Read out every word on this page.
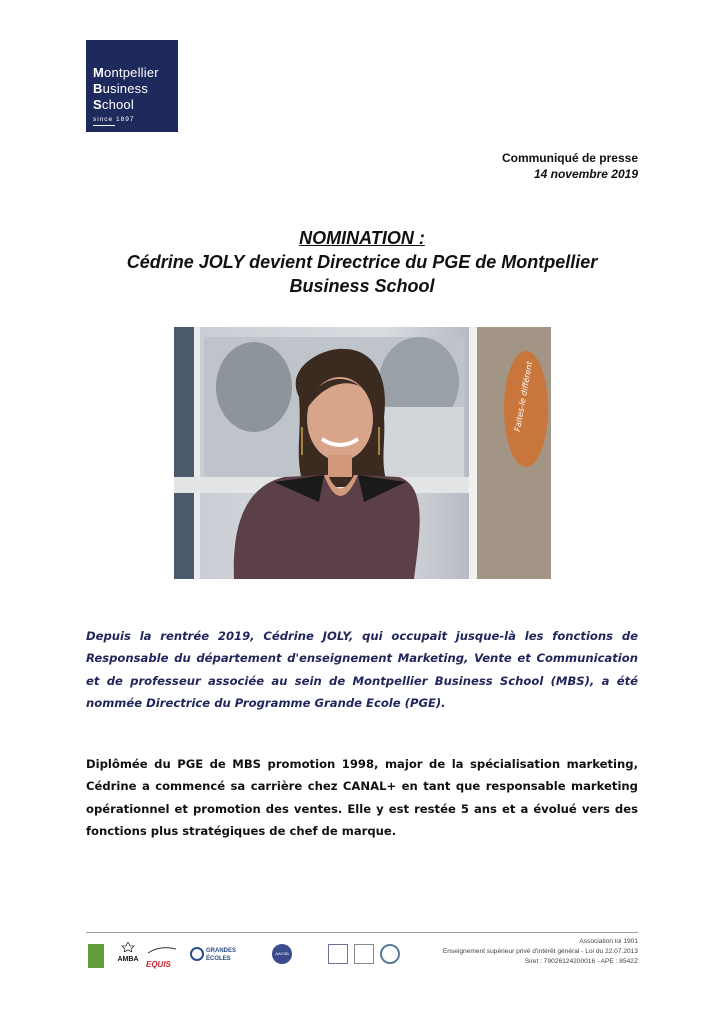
Montpellier
Business
School
since 1897
Communiqué de presse
14 novembre 2019
NOMINATION :
Cédrine JOLY devient Directrice du PGE de Montpellier
Business School
Faites-le différent

Depuis la rentrée 2019, Cédrine JOLY, qui occupait jusque-là les fonctions de Responsable du département d'enseignement Marketing, Vente et Communication et de professeur associée au sein de Montpellier Business School (MBS), a été nommée Directrice du Programme Grande Ecole (PGE).

Diplômée du PGE de MBS promotion 1998, major de la spécialisation marketing, Cédrine a commencé sa carrière chez CANAL+ en tant que responsable marketing opérationnel et promotion des ventes. Elle y est restée 5 ans et a évolué vers des fonctions plus stratégiques de chef de marque.

AMBA
EQUIS
GRANDES
ÉCOLES
AACSB
Association loi 1901
Enseignement supérieur privé d'intérêt général - Loi du 22.07.2013
Siret : 79026124200016 - APE : 8542Z
